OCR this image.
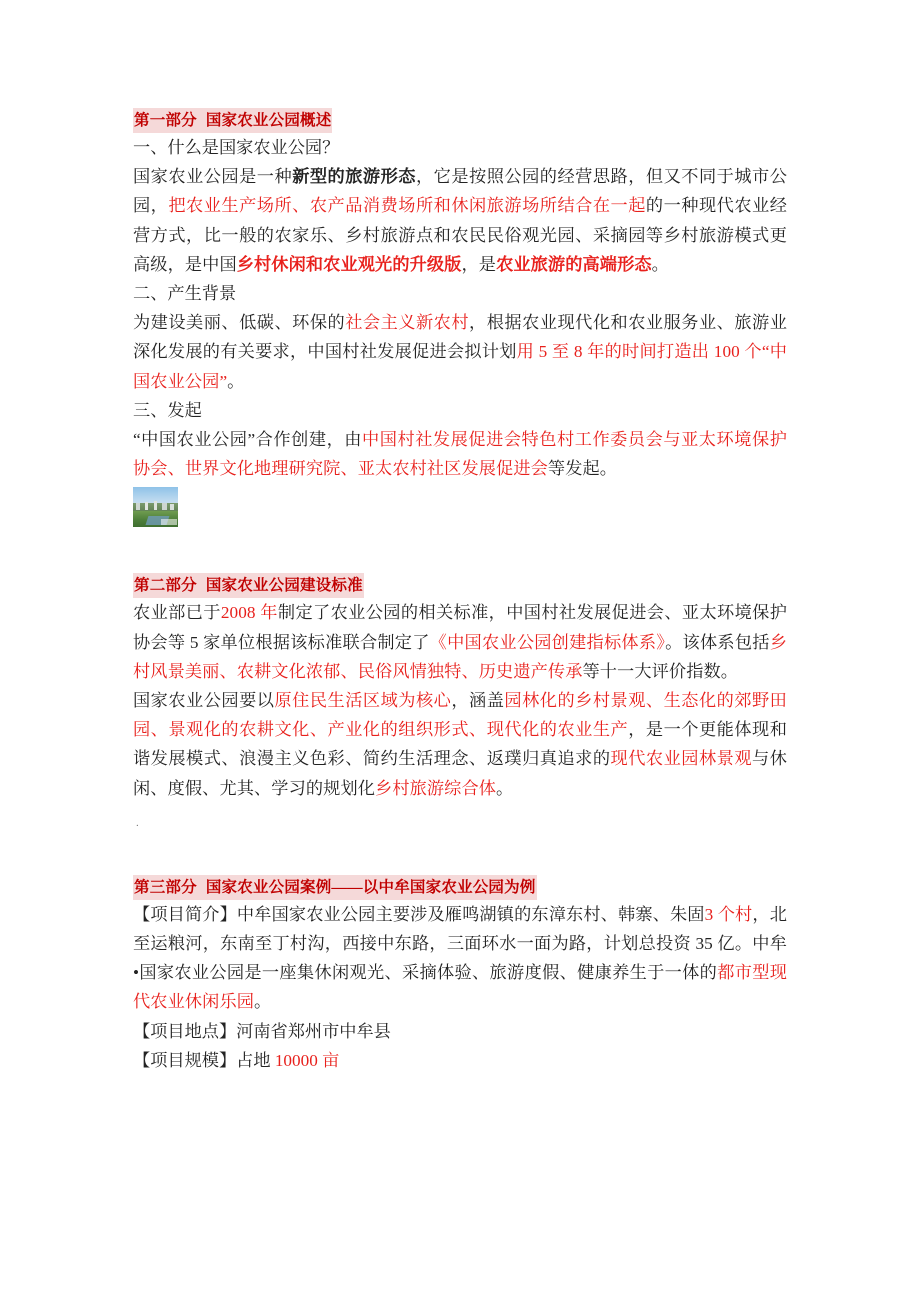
第一部分 国家农业公园概述

一、什么是国家农业公园？

国家农业公园是一种新型的旅游形态，它是按照公园的经营思路，但又不同于城市公园，把农业生产场所、农产品消费场所和休闲旅游场所结合在一起的一种现代农业经营方式，比一般的农家乐、乡村旅游点和农民民俗观光园、采摘园等乡村旅游模式更高级，是中国乡村休闲和农业观光的升级版，是农业旅游的高端形态。

二、产生背景

为建设美丽、低碳、环保的社会主义新农村，根据农业现代化和农业服务业、旅游业深化发展的有关要求，中国村社发展促进会拟计划用 5 至 8 年的时间打造出 100 个“中国农业公园”。

三、发起

“中国农业公园”合作创建，由中国村社发展促进会特色村工作委员会与亚太环境保护协会、世界文化地理研究院、亚太农村社区发展促进会等发起。

第二部分 国家农业公园建设标准

农业部已于2008 年制定了农业公园的相关标准，中国村社发展促进会、亚太环境保护协会等 5 家单位根据该标准联合制定了《中国农业公园创建指标体系》。该体系包括乡村风景美丽、农耕文化浓郁、民俗风情独特、历史遗产传承等十一大评价指数。

国家农业公园要以原住民生活区域为核心，涵盖园林化的乡村景观、生态化的郊野田园、景观化的农耕文化、产业化的组织形式、现代化的农业生产，是一个更能体现和谐发展模式、浪漫主义色彩、简约生活理念、返璞归真追求的现代农业园林景观与休闲、度假、尤其、学习的规划化乡村旅游综合体。

.

第三部分 国家农业公园案例——以中牟国家农业公园为例

【项目简介】中牟国家农业公园主要涉及雁鸣湖镇的东漳东村、韩寨、朱固3 个村，北至运粮河，东南至丁村沟，西接中东路，三面环水一面为路，计划总投资 35 亿。中牟•国家农业公园是一座集休闲观光、采摘体验、旅游度假、健康养生于一体的都市型现代农业休闲乐园。

【项目地点】河南省郑州市中牟县

【项目规模】占地 10000 亩
